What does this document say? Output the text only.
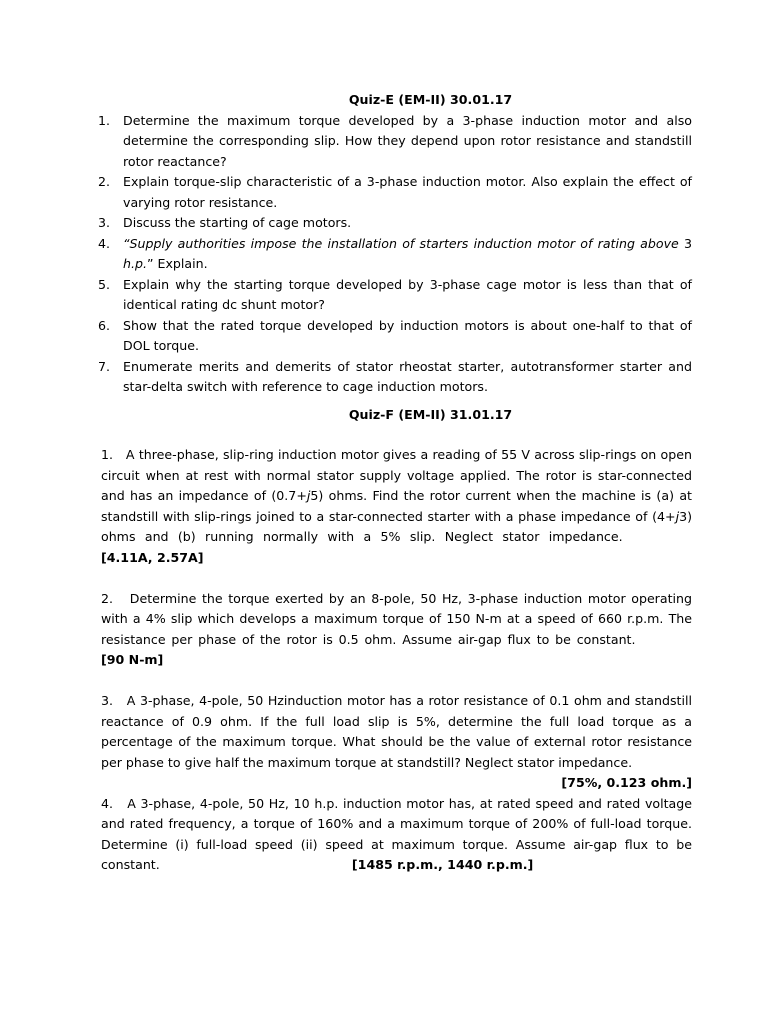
Quiz-E (EM-II) 30.01.17

1. Determine the maximum torque developed by a 3-phase induction motor and also determine the corresponding slip. How they depend upon rotor resistance and standstill rotor reactance?
2. Explain torque-slip characteristic of a 3-phase induction motor. Also explain the effect of varying rotor resistance.
3. Discuss the starting of cage motors.
4. “Supply authorities impose the installation of starters induction motor of rating above 3 h.p.” Explain.
5. Explain why the starting torque developed by 3-phase cage motor is less than that of identical rating dc shunt motor?
6. Show that the rated torque developed by induction motors is about one-half to that of DOL torque.
7. Enumerate merits and demerits of stator rheostat starter, autotransformer starter and star-delta switch with reference to cage induction motors.

Quiz-F (EM-II) 31.01.17

1. A three-phase, slip-ring induction motor gives a reading of 55 V across slip-rings on open circuit when at rest with normal stator supply voltage applied. The rotor is star-connected and has an impedance of (0.7+j5) ohms. Find the rotor current when the machine is (a) at standstill with slip-rings joined to a star-connected starter with a phase impedance of (4+j3) ohms and (b) running normally with a 5% slip. Neglect stator impedance.         [4.11A, 2.57A]

2. Determine the torque exerted by an 8-pole, 50 Hz, 3-phase induction motor operating with a 4% slip which develops a maximum torque of 150 N-m at a speed of 660 r.p.m. The resistance per phase of the rotor is 0.5 ohm. Assume air-gap flux to be constant.           [90 N-m]

3. A 3-phase, 4-pole, 50 Hzinduction motor has a rotor resistance of 0.1 ohm and standstill reactance of 0.9 ohm. If the full load slip is 5%, determine the full load torque as a percentage of the maximum torque. What should be the value of external rotor resistance per phase to give half the maximum torque at standstill? Neglect stator impedance.

[75%, 0.123 ohm.]

4. A 3-phase, 4-pole, 50 Hz, 10 h.p. induction motor has, at rated speed and rated voltage and rated frequency, a torque of 160% and a maximum torque of 200% of full-load torque. Determine (i) full-load speed (ii) speed at maximum torque. Assume air-gap flux to be constant.	[1485 r.p.m., 1440 r.p.m.]
